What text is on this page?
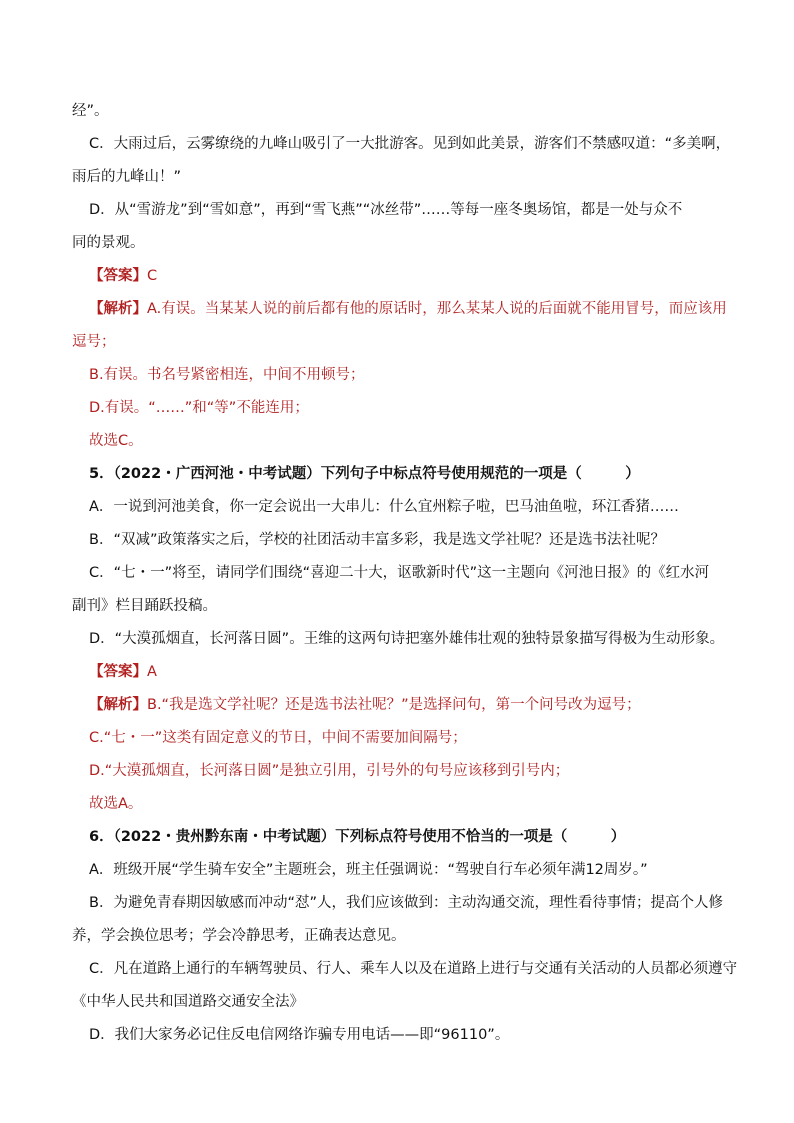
经”。
C．大雨过后，云雾缭绕的九峰山吸引了一大批游客。见到如此美景，游客们不禁感叹道：“多美啊，
雨后的九峰山！”
D．从“雪游龙”到“雪如意”，再到“雪飞燕”“冰丝带”……等每一座冬奥场馆，都是一处与众不
同的景观。
【答案】C
【解析】A.有误。当某某人说的前后都有他的原话时，那么某某人说的后面就不能用冒号，而应该用
逗号；
B.有误。书名号紧密相连，中间不用顿号；
D.有误。“……”和“等”不能连用；
故选C。
5．（2022・广西河池・中考试题）下列句子中标点符号使用规范的一项是（　　　）
A．一说到河池美食，你一定会说出一大串儿：什么宜州粽子啦，巴马油鱼啦，环江香猪……
B．“双减”政策落实之后，学校的社团活动丰富多彩，我是选文学社呢？还是选书法社呢？
C．“七・一”将至，请同学们围绕“喜迎二十大，讴歌新时代”这一主题向《河池日报》的《红水河
副刊》栏目踊跃投稿。
D．“大漠孤烟直，长河落日圆”。王维的这两句诗把塞外雄伟壮观的独特景象描写得极为生动形象。
【答案】A
【解析】B.“我是选文学社呢？还是选书法社呢？”是选择问句，第一个问号改为逗号；
C.“七・一”这类有固定意义的节日，中间不需要加间隔号；
D.“大漠孤烟直，长河落日圆”是独立引用，引号外的句号应该移到引号内；
故选A。
6．（2022・贵州黔东南・中考试题）下列标点符号使用不恰当的一项是（　　　）
A．班级开展“学生骑车安全”主题班会，班主任强调说：“驾驶自行车必须年满12周岁。”
B．为避免青春期因敏感而冲动“怼”人，我们应该做到：主动沟通交流，理性看待事情；提高个人修
养，学会换位思考；学会冷静思考，正确表达意见。
C．凡在道路上通行的车辆驾驶员、行人、乘车人以及在道路上进行与交通有关活动的人员都必须遵守
《中华人民共和国道路交通安全法》
D．我们大家务必记住反电信网络诈骗专用电话——即“96110”。
